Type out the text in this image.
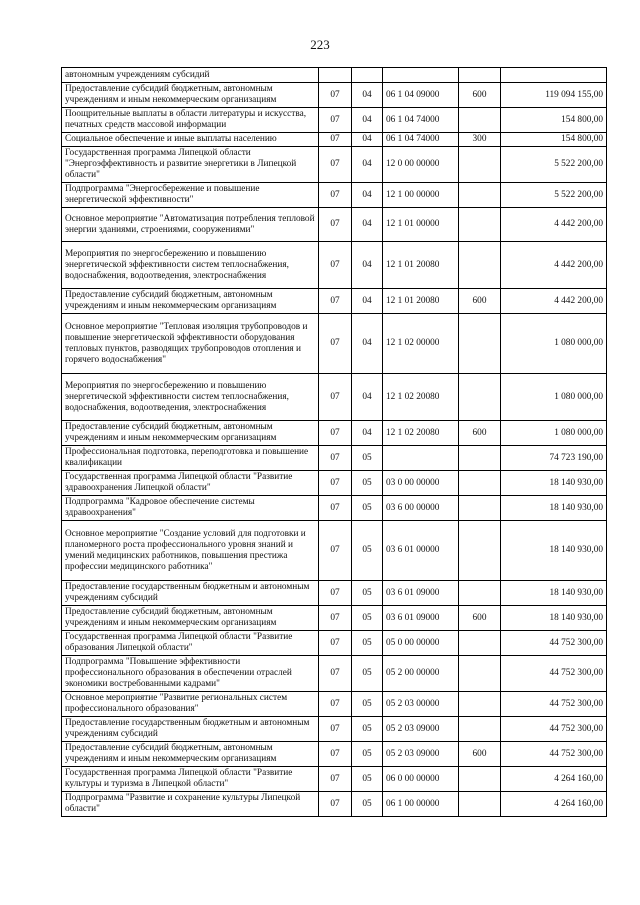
223
автономным учреждениям субсидий					
Предоставление субсидий бюджетным, автономным учреждениям и иным некоммерческим организациям	07	04	06 1 04 09000	600	119 094 155,00
Поощрительные выплаты в области литературы и искусства, печатных средств массовой информации	07	04	06 1 04 74000		154 800,00
Социальное обеспечение и иные выплаты населению	07	04	06 1 04 74000	300	154 800,00
Государственная программа Липецкой области "Энергоэффективность и развитие энергетики в Липецкой области"	07	04	12 0 00 00000		5 522 200,00
Подпрограмма "Энергосбережение и повышение энергетической эффективности"	07	04	12 1 00 00000		5 522 200,00
Основное мероприятие "Автоматизация потребления тепловой энергии зданиями, строениями, сооружениями"	07	04	12 1 01 00000		4 442 200,00
Мероприятия по энергосбережению и повышению энергетической эффективности систем теплоснабжения, водоснабжения, водоотведения, электроснабжения	07	04	12 1 01 20080		4 442 200,00
Предоставление субсидий бюджетным, автономным учреждениям и иным некоммерческим организациям	07	04	12 1 01 20080	600	4 442 200,00
Основное мероприятие "Тепловая изоляция трубопроводов и повышение энергетической эффективности оборудования тепловых пунктов, разводящих трубопроводов отопления и горячего водоснабжения"	07	04	12 1 02 00000		1 080 000,00
Мероприятия по энергосбережению и повышению энергетической эффективности систем теплоснабжения, водоснабжения, водоотведения, электроснабжения	07	04	12 1 02 20080		1 080 000,00
Предоставление субсидий бюджетным, автономным учреждениям и иным некоммерческим организациям	07	04	12 1 02 20080	600	1 080 000,00
Профессиональная подготовка, переподготовка и повышение квалификации	07	05			74 723 190,00
Государственная программа Липецкой области "Развитие здравоохранения Липецкой области"	07	05	03 0 00 00000		18 140 930,00
Подпрограмма "Кадровое обеспечение системы здравоохранения"	07	05	03 6 00 00000		18 140 930,00
Основное мероприятие "Создание условий для подготовки и планомерного роста профессионального уровня знаний и умений медицинских работников, повышения престижа профессии медицинского работника"	07	05	03 6 01 00000		18 140 930,00
Предоставление государственным бюджетным и автономным учреждениям субсидий	07	05	03 6 01 09000		18 140 930,00
Предоставление субсидий бюджетным, автономным учреждениям и иным некоммерческим организациям	07	05	03 6 01 09000	600	18 140 930,00
Государственная программа Липецкой области "Развитие образования Липецкой области"	07	05	05 0 00 00000		44 752 300,00
Подпрограмма "Повышение эффективности профессионального образования в обеспечении отраслей экономики востребованными кадрами"	07	05	05 2 00 00000		44 752 300,00
Основное мероприятие "Развитие региональных систем профессионального образования"	07	05	05 2 03 00000		44 752 300,00
Предоставление государственным бюджетным и автономным учреждениям субсидий	07	05	05 2 03 09000		44 752 300,00
Предоставление субсидий бюджетным, автономным учреждениям и иным некоммерческим организациям	07	05	05 2 03 09000	600	44 752 300,00
Государственная программа Липецкой области "Развитие культуры и туризма в Липецкой области"	07	05	06 0 00 00000		4 264 160,00
Подпрограмма "Развитие и сохранение культуры Липецкой области"	07	05	06 1 00 00000		4 264 160,00
